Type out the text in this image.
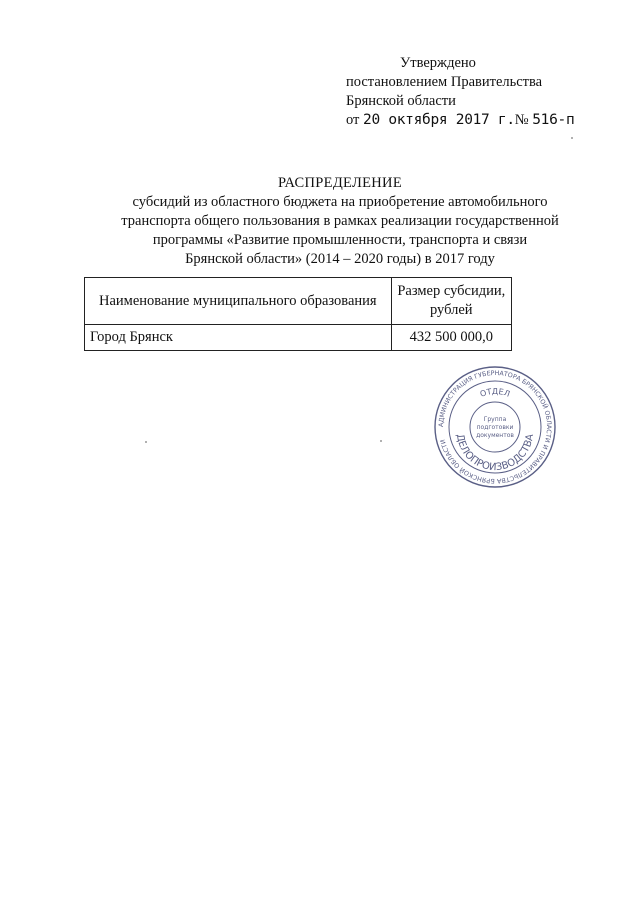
Утверждено
постановлением Правительства
Брянской области
от 20 октября 2017 г.№ 516-п
РАСПРЕДЕЛЕНИЕ
субсидий из областного бюджета на приобретение автомобильного
транспорта общего пользования в рамках реализации государственной
программы «Развитие промышленности, транспорта и связи
Брянской области» (2014 – 2020 годы) в 2017 году
Наименование муниципального образования	Размер субсидии,
рублей
Город Брянск	432 500 000,0
АДМИНИСТРАЦИЯ ГУБЕРНАТОРА БРЯНСКОЙ ОБЛАСТИ И ПРАВИТЕЛЬСТВА БРЯНСКОЙ ОБЛАСТИ
ОТДЕЛ
ДЕЛОПРОИЗВОДСТВА
Группа
подготовки
документов
